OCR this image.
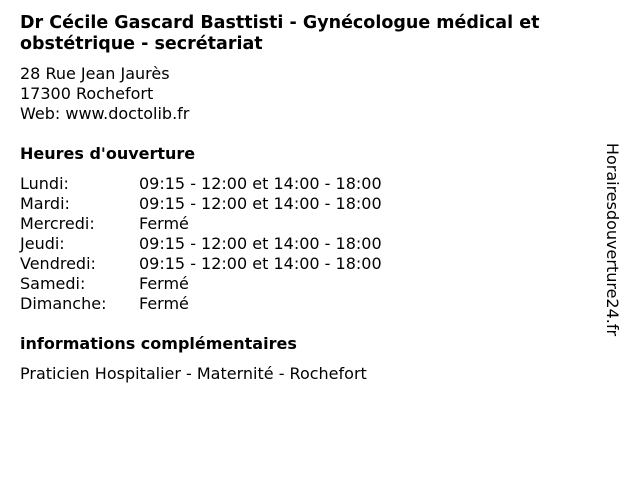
Dr Cécile Gascard Basttisti - Gynécologue médical et obstétrique - secrétariat
28 Rue Jean Jaurès
17300 Rochefort
Web: www.doctolib.fr
Heures d'ouverture
Lundi:	09:15 - 12:00 et 14:00 - 18:00
Mardi:	09:15 - 12:00 et 14:00 - 18:00
Mercredi:	Fermé
Jeudi:	09:15 - 12:00 et 14:00 - 18:00
Vendredi:	09:15 - 12:00 et 14:00 - 18:00
Samedi:	Fermé
Dimanche:	Fermé
informations complémentaires
Praticien Hospitalier - Maternité - Rochefort
Horairesdouverture24.fr
